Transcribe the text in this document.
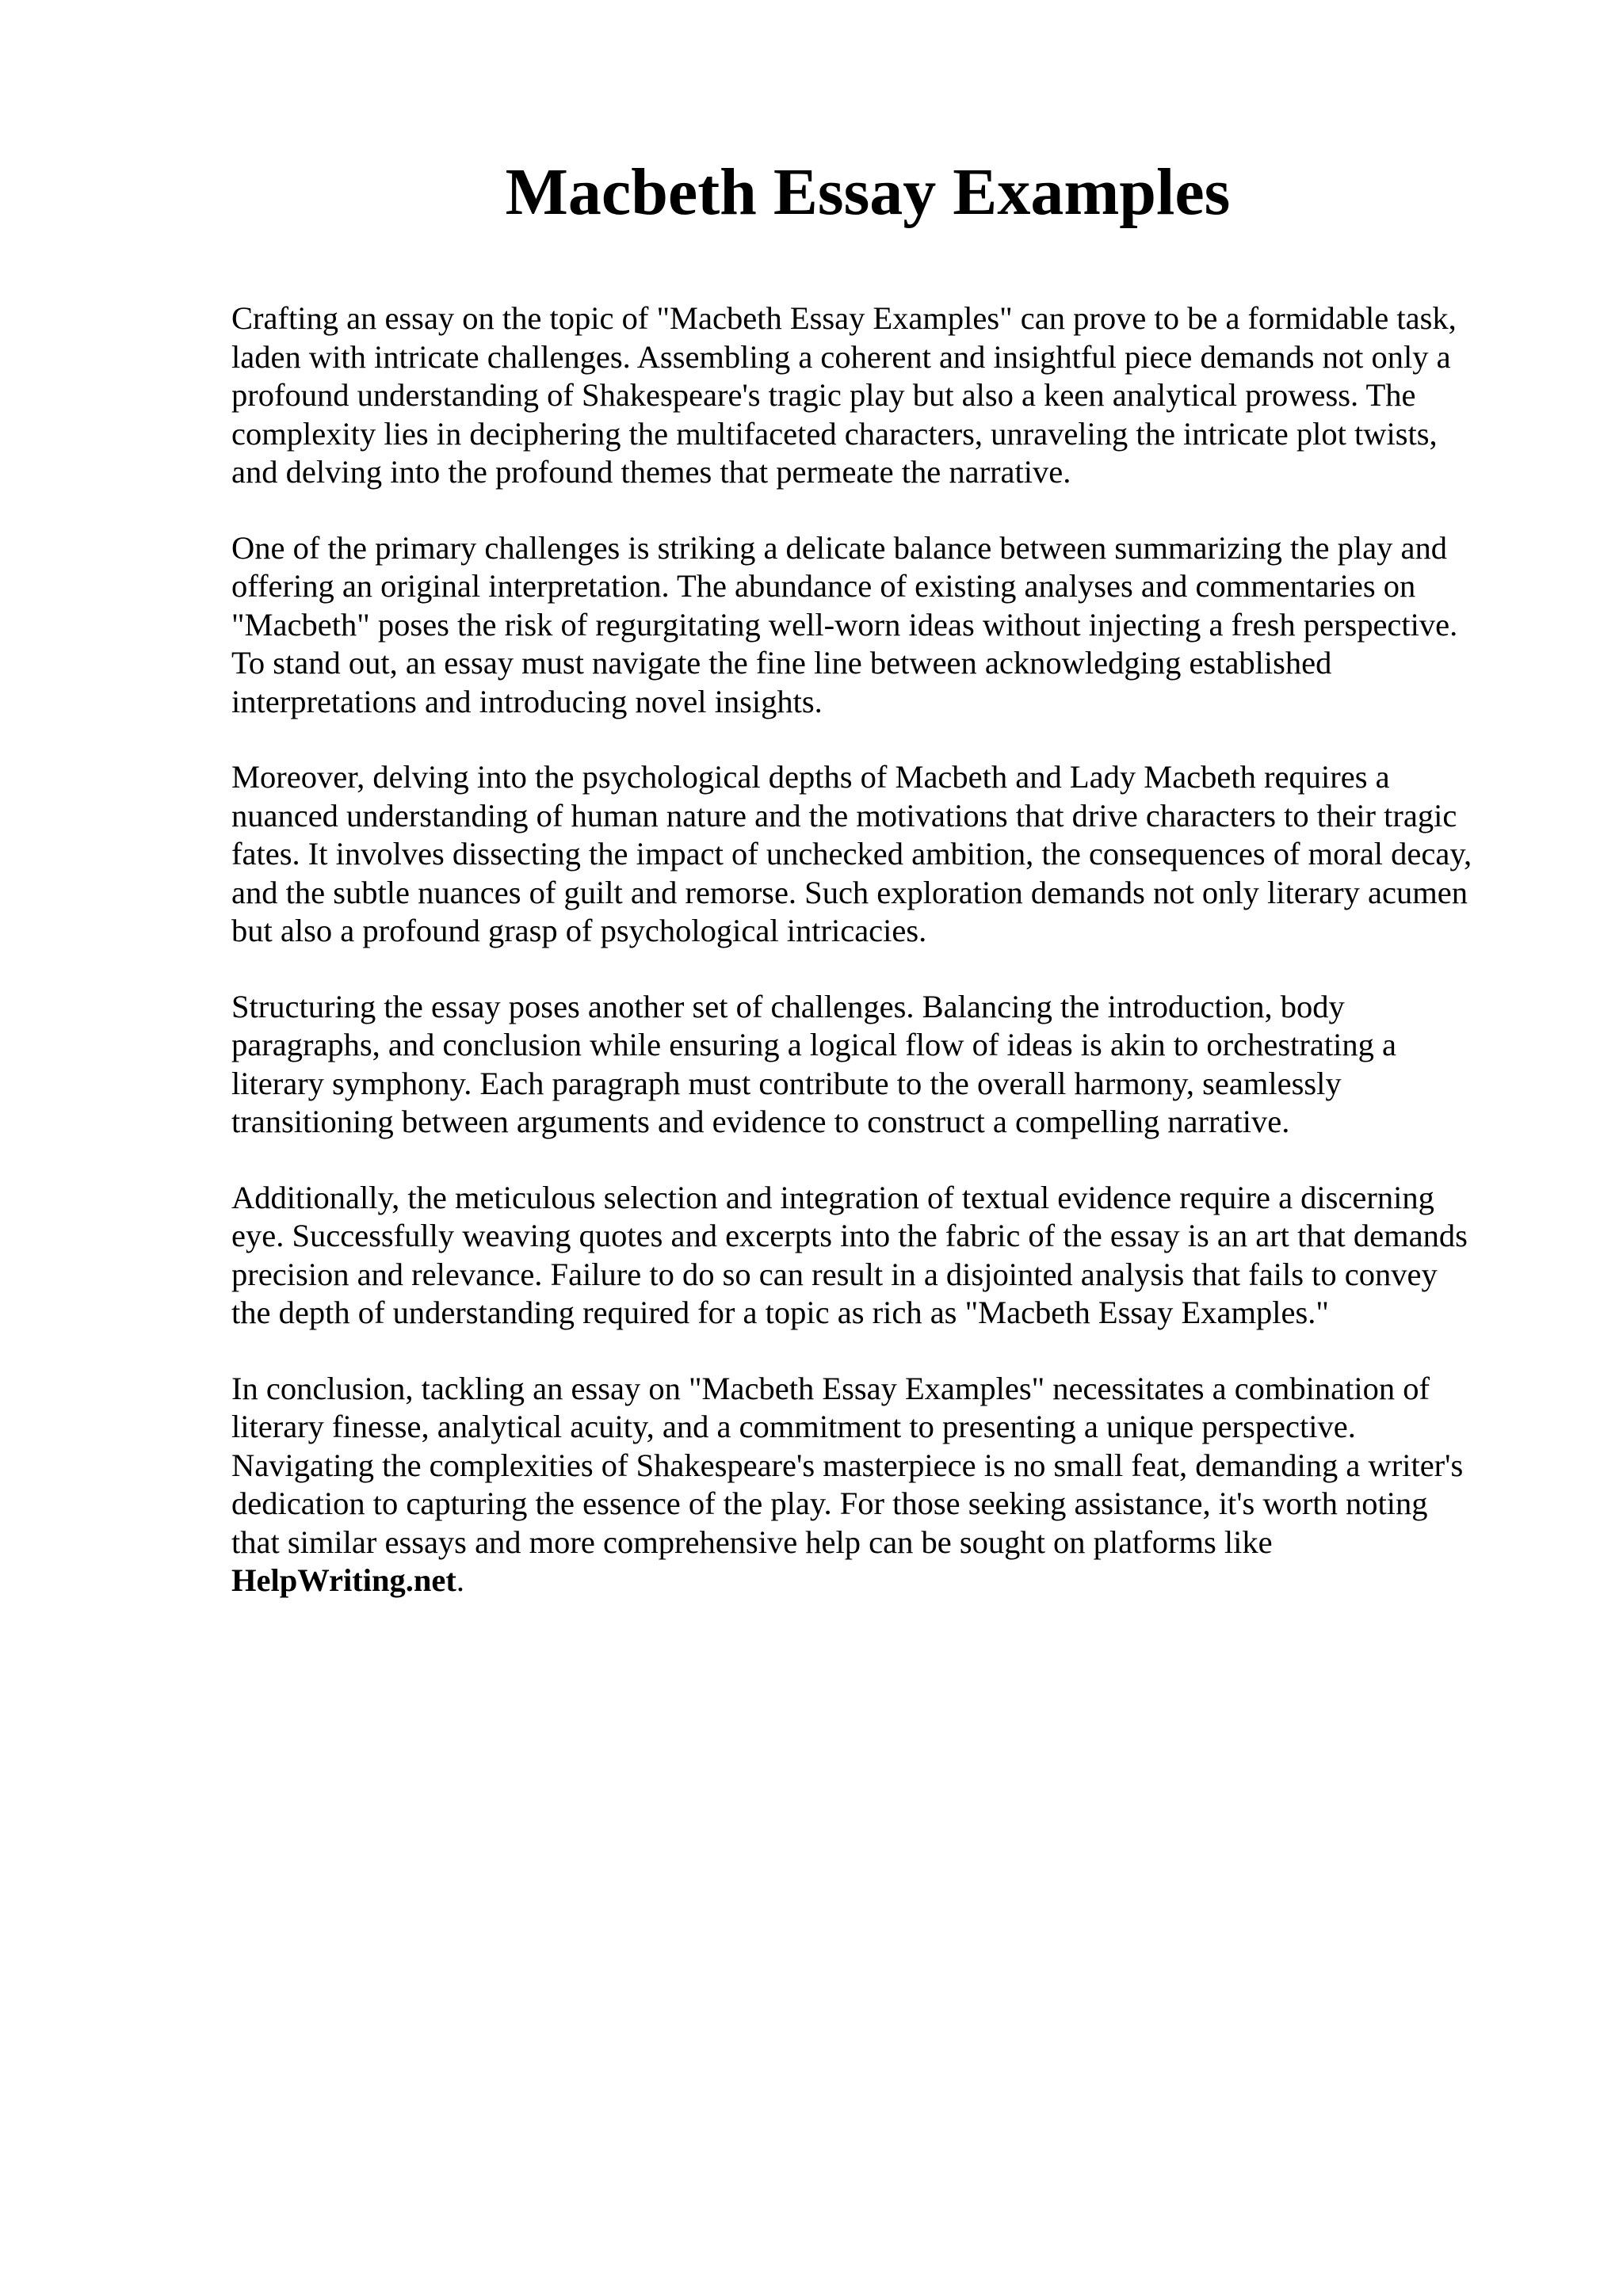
Macbeth Essay Examples

Crafting an essay on the topic of "Macbeth Essay Examples" can prove to be a formidable task,
laden with intricate challenges. Assembling a coherent and insightful piece demands not only a
profound understanding of Shakespeare's tragic play but also a keen analytical prowess. The
complexity lies in deciphering the multifaceted characters, unraveling the intricate plot twists,
and delving into the profound themes that permeate the narrative.

One of the primary challenges is striking a delicate balance between summarizing the play and
offering an original interpretation. The abundance of existing analyses and commentaries on
"Macbeth" poses the risk of regurgitating well-worn ideas without injecting a fresh perspective.
To stand out, an essay must navigate the fine line between acknowledging established
interpretations and introducing novel insights.

Moreover, delving into the psychological depths of Macbeth and Lady Macbeth requires a
nuanced understanding of human nature and the motivations that drive characters to their tragic
fates. It involves dissecting the impact of unchecked ambition, the consequences of moral decay,
and the subtle nuances of guilt and remorse. Such exploration demands not only literary acumen
but also a profound grasp of psychological intricacies.

Structuring the essay poses another set of challenges. Balancing the introduction, body
paragraphs, and conclusion while ensuring a logical flow of ideas is akin to orchestrating a
literary symphony. Each paragraph must contribute to the overall harmony, seamlessly
transitioning between arguments and evidence to construct a compelling narrative.

Additionally, the meticulous selection and integration of textual evidence require a discerning
eye. Successfully weaving quotes and excerpts into the fabric of the essay is an art that demands
precision and relevance. Failure to do so can result in a disjointed analysis that fails to convey
the depth of understanding required for a topic as rich as "Macbeth Essay Examples."

In conclusion, tackling an essay on "Macbeth Essay Examples" necessitates a combination of
literary finesse, analytical acuity, and a commitment to presenting a unique perspective.
Navigating the complexities of Shakespeare's masterpiece is no small feat, demanding a writer's
dedication to capturing the essence of the play. For those seeking assistance, it's worth noting
that similar essays and more comprehensive help can be sought on platforms like
HelpWriting.net.
